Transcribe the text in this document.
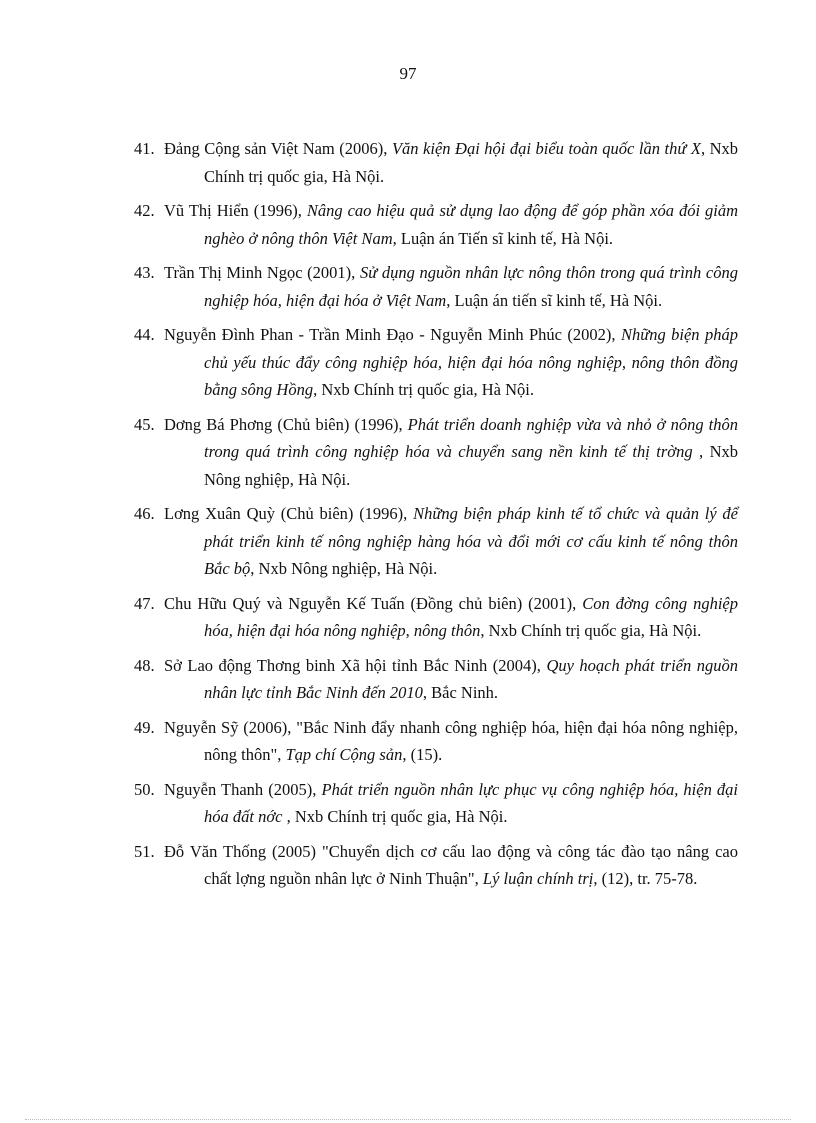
97
41. Đảng Cộng sản Việt Nam (2006), Văn kiện Đại hội đại biểu toàn quốc lần thứ X, Nxb Chính trị quốc gia, Hà Nội.
42. Vũ Thị Hiển (1996), Nâng cao hiệu quả sử dụng lao động để góp phần xóa đói giảm nghèo ở nông thôn Việt Nam, Luận án Tiến sĩ kinh tế, Hà Nội.
43. Trần Thị Minh Ngọc (2001), Sử dụng nguồn nhân lực nông thôn trong quá trình công nghiệp hóa, hiện đại hóa ở Việt Nam, Luận án tiến sĩ kinh tế, Hà Nội.
44. Nguyễn Đình Phan - Trần Minh Đạo - Nguyễn Minh Phúc (2002), Những biện pháp chủ yếu thúc đẩy công nghiệp hóa, hiện đại hóa nông nghiệp, nông thôn đồng bằng sông Hồng, Nxb Chính trị quốc gia, Hà Nội.
45. Dơng Bá Phơng (Chủ biên) (1996), Phát triển doanh nghiệp vừa và nhỏ ở nông thôn trong quá trình công nghiệp hóa và chuyển sang nền kinh tế thị trờng , Nxb Nông nghiệp, Hà Nội.
46. Lơng Xuân Quỳ (Chủ biên) (1996), Những biện pháp kinh tế tổ chức và quản lý để phát triển kinh tế nông nghiệp hàng hóa và đổi mới cơ cấu kinh tế nông thôn Bắc bộ, Nxb Nông nghiệp, Hà Nội.
47. Chu Hữu Quý và Nguyễn Kế Tuấn (Đồng chủ biên) (2001), Con đờng công nghiệp hóa, hiện đại hóa nông nghiệp, nông thôn, Nxb Chính trị quốc gia, Hà Nội.
48. Sở Lao động Thơng binh Xã hội tỉnh Bắc Ninh (2004), Quy hoạch phát triển nguồn nhân lực tỉnh Bắc Ninh đến 2010, Bắc Ninh.
49. Nguyễn Sỹ (2006), "Bắc Ninh đẩy nhanh công nghiệp hóa, hiện đại hóa nông nghiệp, nông thôn", Tạp chí Cộng sản, (15).
50. Nguyễn Thanh (2005), Phát triển nguồn nhân lực phục vụ công nghiệp hóa, hiện đại hóa đất nớc , Nxb Chính trị quốc gia, Hà Nội.
51. Đỗ Văn Thống (2005) "Chuyển dịch cơ cấu lao động và công tác đào tạo nâng cao chất lợng nguồn nhân lực ở Ninh Thuận", Lý luận chính trị, (12), tr. 75-78.
